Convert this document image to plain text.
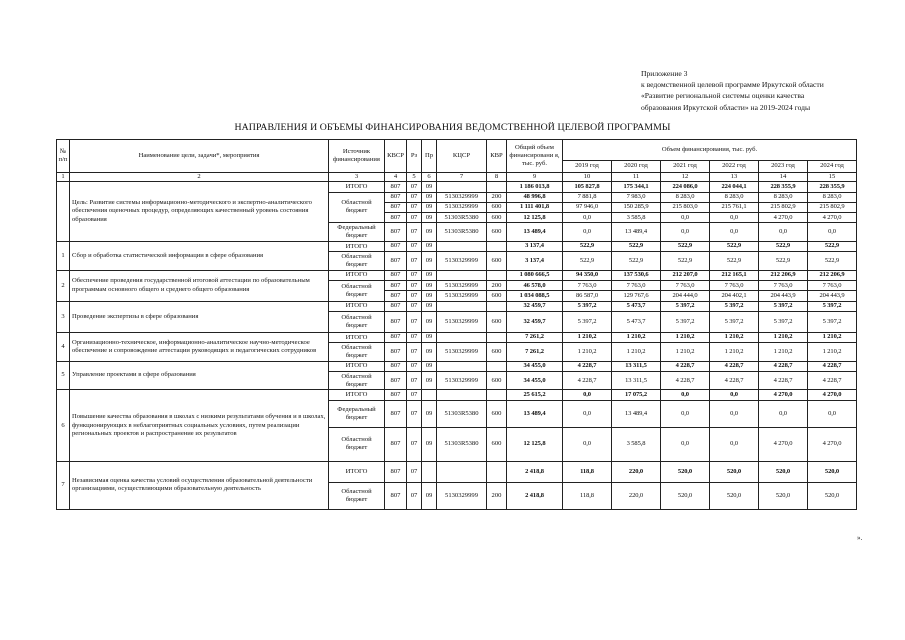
Приложение 3
к ведомственной целевой программе Иркутской области
«Развитие региональной системы оценки качества
образования Иркутской области» на 2019-2024 годы
НАПРАВЛЕНИЯ И ОБЪЕМЫ ФИНАНСИРОВАНИЯ ВЕДОМСТВЕННОЙ ЦЕЛЕВОЙ ПРОГРАММЫ
№ п/п	Наименование цели, задачи*, мероприятия	Источник финансирования	КВСР	Рз	Пр	КЦСР	КВР	Общий объем финансировани я, тыс. руб.	Объем финансирования, тыс. руб.					
									2019 год	2020 год	2021 год	2022 год	2023 год	2024 год
1	2	3	4	5	6	7	8	9	10	11	12	13	14	15
	Цель: Развитие системы информационно-методического и экспертно-аналитического обеспечения оценочных процедур, определяющих качественный уровень состояния образования	ИТОГО	807	07	09			1 186 013,8	105 827,8	175 344,1	224 086,0	224 044,1	228 355,9	228 355,9
		Областной бюджет	807	07	09	5130329999	200	48 996,8	7 881,8	7 983,0	8 283,0	8 283,0	8 283,0	8 283,0
			807	07	09	5130329999	600	1 111 401,8	97 946,0	150 285,9	215 803,0	215 761,1	215 802,9	215 802,9
			807	07	09	51303R5380	600	12 125,8	0,0	3 585,8	0,0	0,0	4 270,0	4 270,0
		Федеральный бюджет	807	07	09	51303R5380	600	13 489,4	0,0	13 489,4	0,0	0,0	0,0	0,0
1	Сбор и обработка статистической информации в сфере образования	ИТОГО	807	07	09			3 137,4	522,9	522,9	522,9	522,9	522,9	522,9
		Областной бюджет	807	07	09	5130329999	600	3 137,4	522,9	522,9	522,9	522,9	522,9	522,9
2	Обеспечение проведения государственной итоговой аттестации по образовательным программам основного общего и среднего общего образования	ИТОГО	807	07	09			1 080 666,5	94 350,0	137 530,6	212 207,0	212 165,1	212 206,9	212 206,9
		Областной бюджет	807	07	09	5130329999	200	46 578,0	7 763,0	7 763,0	7 763,0	7 763,0	7 763,0	7 763,0
			807	07	09	5130329999	600	1 034 088,5	86 587,0	129 767,6	204 444,0	204 402,1	204 443,9	204 443,9
3	Проведение экспертизы в сфере образования	ИТОГО	807	07	09			32 459,7	5 397,2	5 473,7	5 397,2	5 397,2	5 397,2	5 397,2
		Областной бюджет	807	07	09	5130329999	600	32 459,7	5 397,2	5 473,7	5 397,2	5 397,2	5 397,2	5 397,2
4	Организационно-техническое, информационно-аналитическое научно-методическое обеспечение и сопровождение аттестации руководящих и педагогических сотрудников	ИТОГО	807	07	09			7 261,2	1 210,2	1 210,2	1 210,2	1 210,2	1 210,2	1 210,2
		Областной бюджет	807	07	09	5130329999	600	7 261,2	1 210,2	1 210,2	1 210,2	1 210,2	1 210,2	1 210,2
5	Управление проектами в сфере образования	ИТОГО	807	07	09			34 455,0	4 228,7	13 311,5	4 228,7	4 228,7	4 228,7	4 228,7
		Областной бюджет	807	07	09	5130329999	600	34 455,0	4 228,7	13 311,5	4 228,7	4 228,7	4 228,7	4 228,7
6	Повышение качества образования в школах с низкими результатами обучения и в школах, функционирующих в неблагоприятных социальных условиях, путем реализации региональных проектов и распространение их результатов	ИТОГО	807	07				25 615,2	0,0	17 075,2	0,0	0,0	4 270,0	4 270,0
		Федеральный бюджет	807	07	09	51303R5380	600	13 489,4	0,0	13 489,4	0,0	0,0	0,0	0,0
		Областной бюджет	807	07	09	51303R5380	600	12 125,8	0,0	3 585,8	0,0	0,0	4 270,0	4 270,0
7	Независимая оценка качества условий осуществления образовательной деятельности организациями, осуществляющими образовательную деятельность	ИТОГО	807	07				2 418,8	118,8	220,0	520,0	520,0	520,0	520,0
		Областной бюджет	807	07	09	5130329999	200	2 418,8	118,8	220,0	520,0	520,0	520,0	520,0
».
